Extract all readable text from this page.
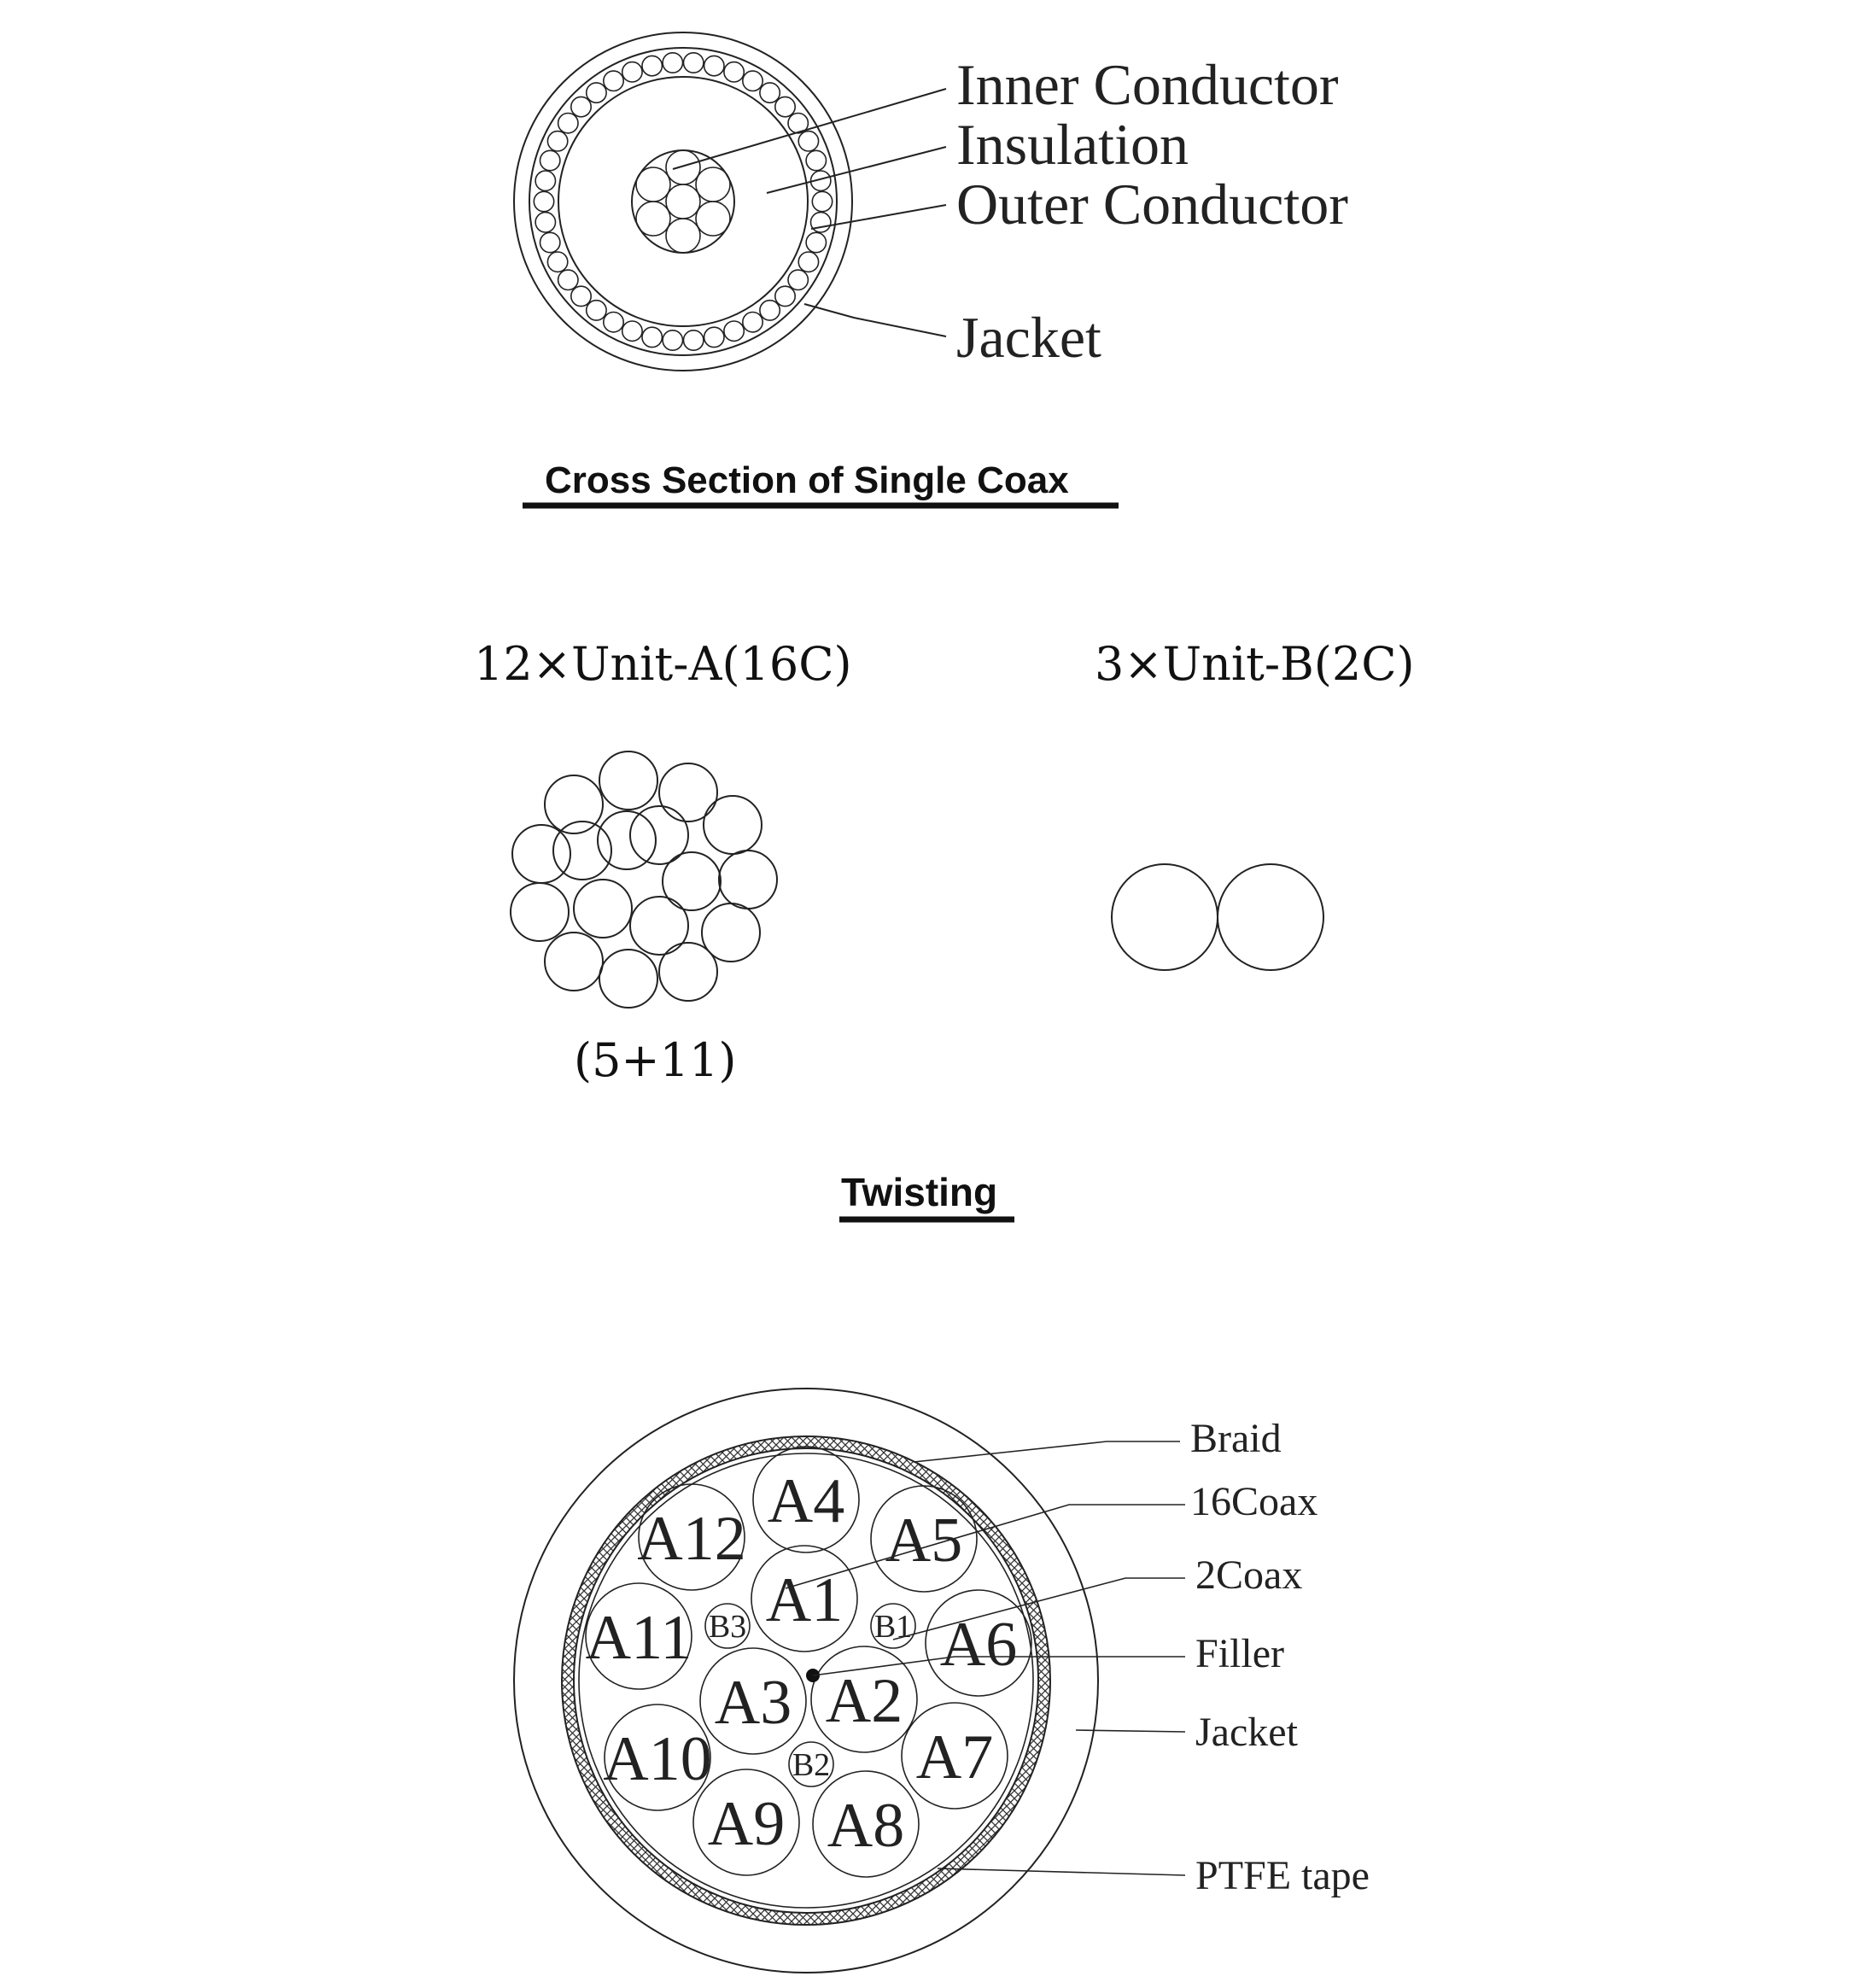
Inner Conductor
Insulation
Outer Conductor
Jacket
Cross Section of Single Coax
12×Unit-A(16C)	3×Unit-B(2C)
(5+11)
Twisting
A1
A2
A3
A4
A5
A6
A7
A8
A9
A10
A11
A12
B1
B2
B3
Braid
16Coax
2Coax
Filler
Jacket
PTFE tape
